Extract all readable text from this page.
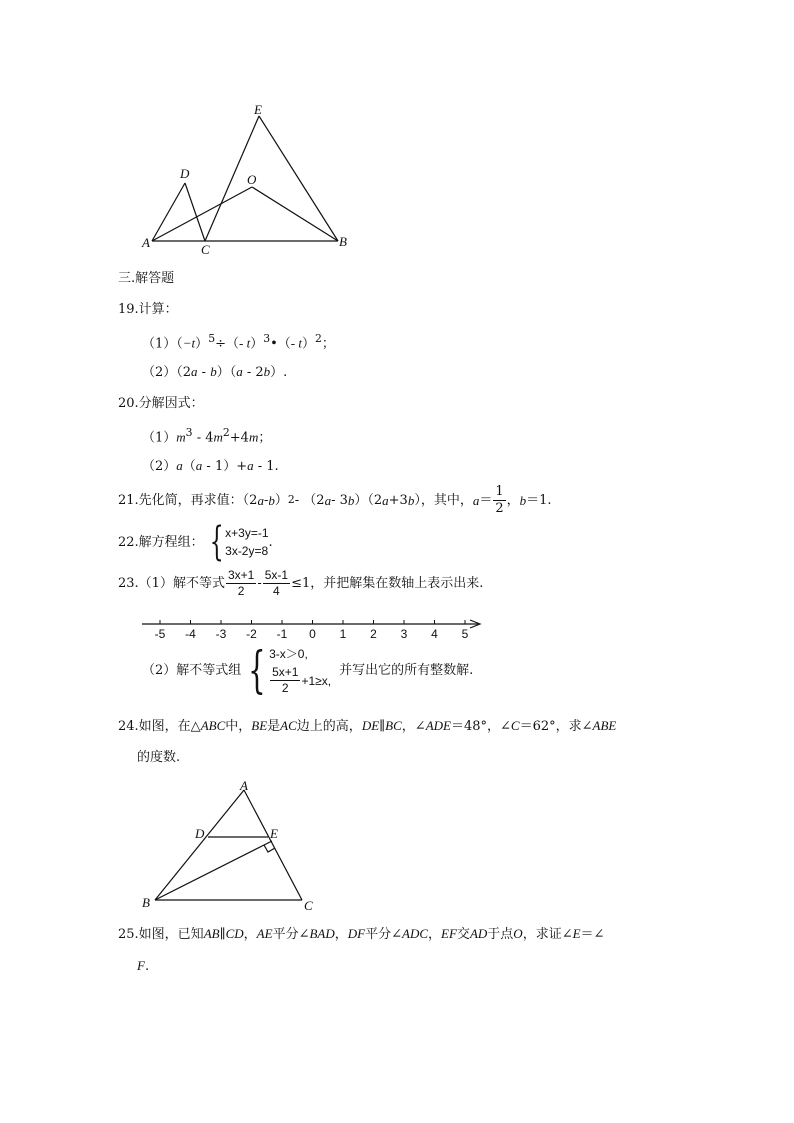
E
D	O
A	C
B
三.解答题
19.计算：
$(1)(-t)^5\div(-$ t）$^3$•（- t）$^2$；
（2）（2a - b）（a - 2b）.
20.分解因式：
$(1)m^3 - 4m^2+4m$；
（2）a（a - 1）+a - 1.
21.先化简，再求值：（2 a - b ） 2 - （2 a - 3 b ）（2 a +3 b ），其中， $a = \frac{1}{2}$ ， b ＝1.
22.解方程组： { x+3y=-1
3x-2y=8
.
23.（1）解不等式 $\frac{3x+1}{2} - \frac{5x-1}{4} \le 1$，并把解集在数轴上表示出来.
-5 -4 -3 -2 -1 0 1 2 3 4 5
（2）解不等式组 { 3-x＞0,
$\frac{5x+1}{2} +1\ge x$,
并写出它的所有整数解.
24.如图，在△ABC中，BE是AC边上的高，DE∥BC，∠ADE＝48°，∠C＝62°，求∠ABE
的度数.
A
D	E
B	C
25.如图，已知AB∥CD，AE平分∠BAD，DF平分∠ADC，EF交AD于点O，求证∠E＝∠
F.
